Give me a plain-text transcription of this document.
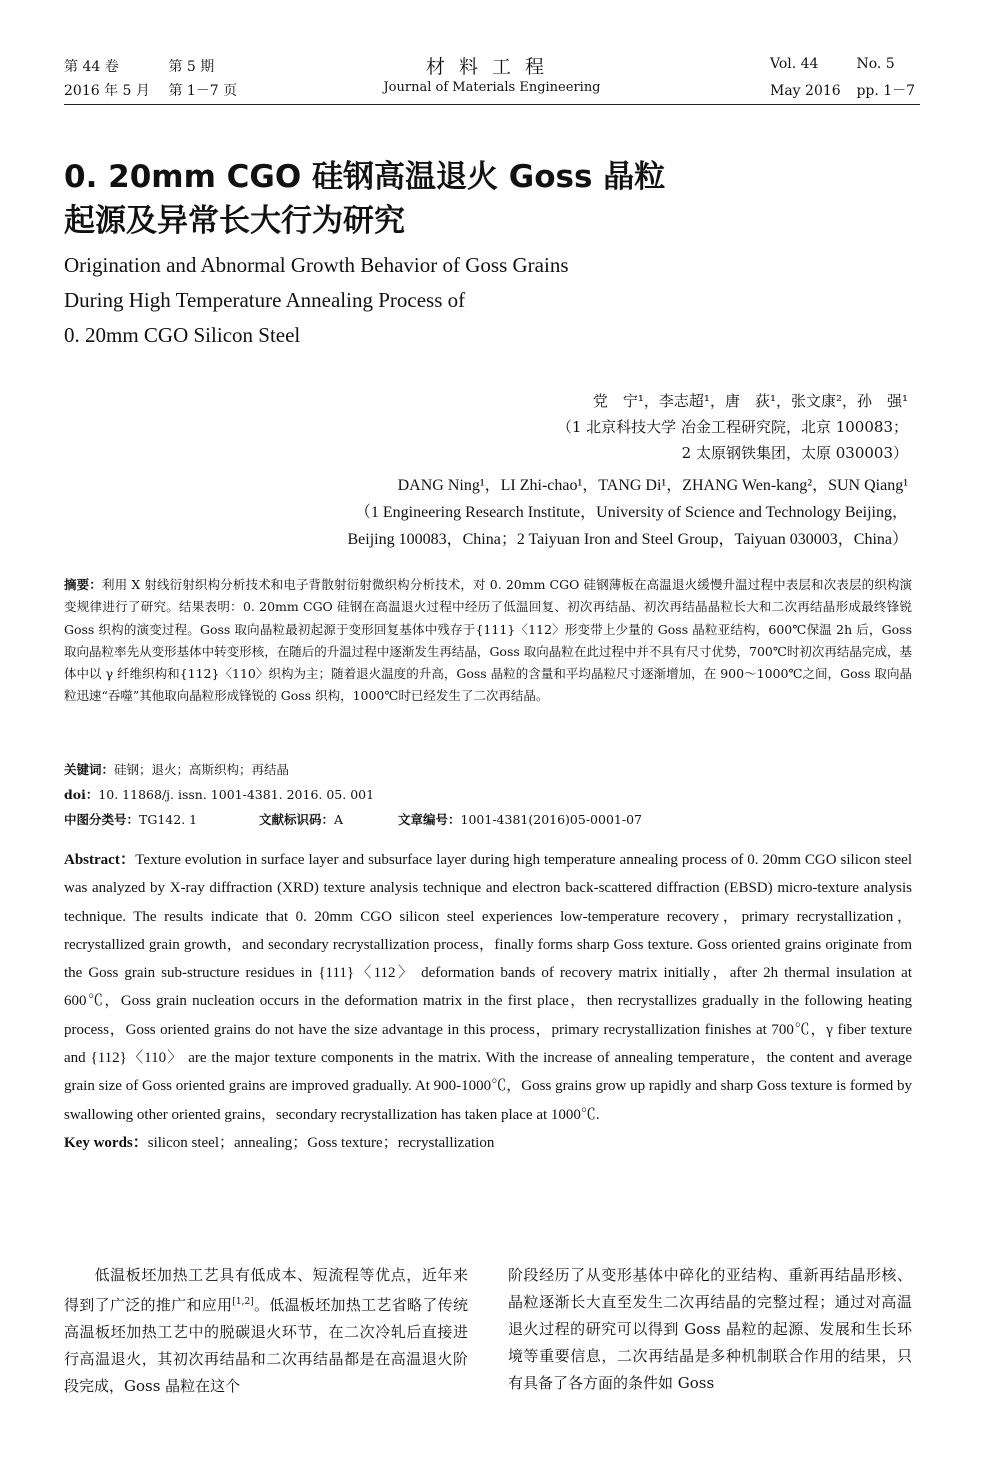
第 44 卷	第 5 期
2016 年 5 月 第 1－7 页
材料工程
Journal of Materials Engineering
Vol. 44	No. 5
May 2016 pp. 1－7
0. 20mm CGO 硅钢高温退火 Goss 晶粒
起源及异常长大行为研究
Origination and Abnormal Growth Behavior of Goss Grains
During High Temperature Annealing Process of
0. 20mm CGO Silicon Steel
党　宁¹，李志超¹，唐　荻¹，张文康²，孙　强¹
（1 北京科技大学 冶金工程研究院，北京 100083；
2 太原钢铁集团，太原 030003）
DANG Ning¹，LI Zhi-chao¹，TANG Di¹，ZHANG Wen-kang²，SUN Qiang¹
（1 Engineering Research Institute，University of Science and Technology Beijing，
Beijing 100083，China；2 Taiyuan Iron and Steel Group，Taiyuan 030003，China）
摘要：利用 X 射线衍射织构分析技术和电子背散射衍射微织构分析技术，对 0. 20mm CGO 硅钢薄板在高温退火缓慢升温过程中表层和次表层的织构演变规律进行了研究。结果表明：0. 20mm CGO 硅钢在高温退火过程中经历了低温回复、初次再结晶、初次再结晶晶粒长大和二次再结晶形成最终锋锐 Goss 织构的演变过程。Goss 取向晶粒最初起源于变形回复基体中残存于{111}〈112〉形变带上少量的 Goss 晶粒亚结构，600℃保温 2h 后，Goss 取向晶粒率先从变形基体中转变形核，在随后的升温过程中逐渐发生再结晶，Goss 取向晶粒在此过程中并不具有尺寸优势，700℃时初次再结晶完成，基体中以 γ 纤维织构和{112}〈110〉织构为主；随着退火温度的升高，Goss 晶粒的含量和平均晶粒尺寸逐渐增加，在 900～1000℃之间，Goss 取向晶粒迅速“吞噬”其他取向晶粒形成锋锐的 Goss 织构，1000℃时已经发生了二次再结晶。
关键词：硅钢；退火；高斯织构；再结晶
doi：10. 11868/j. issn. 1001-4381. 2016. 05. 001
中图分类号：TG142. 1	文献标识码：A	文章编号：1001-4381(2016)05-0001-07
Abstract：Texture evolution in surface layer and subsurface layer during high temperature annealing process of 0. 20mm CGO silicon steel was analyzed by X-ray diffraction (XRD) texture analysis technique and electron back-scattered diffraction (EBSD) micro-texture analysis technique. The results indicate that 0. 20mm CGO silicon steel experiences low-temperature recovery，primary recrystallization，recrystallized grain growth，and secondary recrystallization process，finally forms sharp Goss texture. Goss oriented grains originate from the Goss grain sub-structure residues in {111}〈112〉 deformation bands of recovery matrix initially，after 2h thermal insulation at 600℃，Goss grain nucleation occurs in the deformation matrix in the first place，then recrystallizes gradually in the following heating process，Goss oriented grains do not have the size advantage in this process，primary recrystallization finishes at 700℃，γ fiber texture and {112}〈110〉 are the major texture components in the matrix. With the increase of annealing temperature，the content and average grain size of Goss oriented grains are improved gradually. At 900-1000℃，Goss grains grow up rapidly and sharp Goss texture is formed by swallowing other oriented grains，secondary recrystallization has taken place at 1000℃.
Key words：silicon steel；annealing；Goss texture；recrystallization
低温板坯加热工艺具有低成本、短流程等优点，近年来得到了广泛的推广和应用[1,2]。低温板坯加热工艺省略了传统高温板坯加热工艺中的脱碳退火环节，在二次冷轧后直接进行高温退火，其初次再结晶和二次再结晶都是在高温退火阶段完成，Goss 晶粒在这个
阶段经历了从变形基体中碎化的亚结构、重新再结晶形核、晶粒逐渐长大直至发生二次再结晶的完整过程；通过对高温退火过程的研究可以得到 Goss 晶粒的起源、发展和生长环境等重要信息，二次再结晶是多种机制联合作用的结果，只有具备了各方面的条件如 Goss
